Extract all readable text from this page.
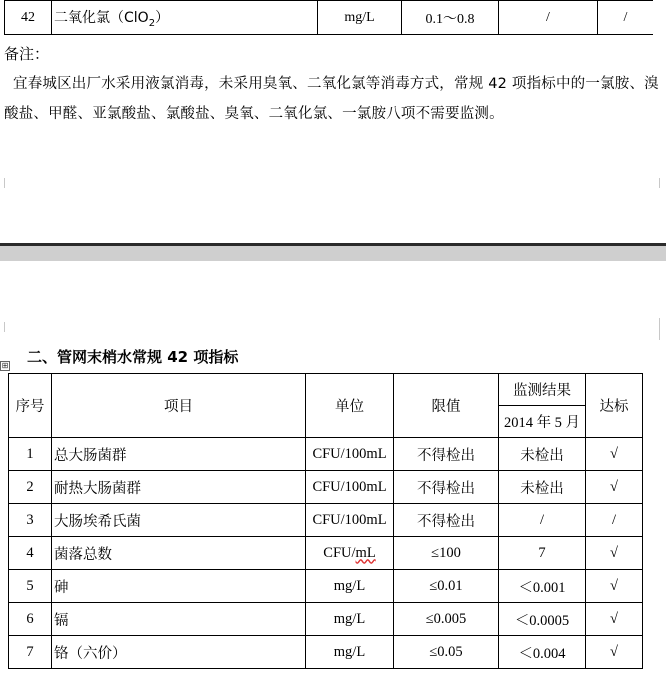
42	二氧化氯（ClO$_2$）	mg/L	0.1～0.8	/	/
备注：
宜春城区出厂水采用液氯消毒，未采用臭氧、二氧化氯等消毒方式，常规 42 项指标中的一氯胺、溴酸盐、甲醛、亚氯酸盐、氯酸盐、臭氧、二氧化氯、一氯胺八项不需要监测。
二、管网末梢水常规 42 项指标
⊞
序号	项目	单位	限值	监测结果	达标
				2014 年 5 月	
1	总大肠菌群	CFU/100mL	不得检出	未检出	√
2	耐热大肠菌群	CFU/100mL	不得检出	未检出	√
3	大肠埃希氏菌	CFU/100mL	不得检出	/	/
4	菌落总数	CFU/mL	≤100	7	√
5	砷	mg/L	≤0.01	＜0.001	√
6	镉	mg/L	≤0.005	＜0.0005	√
7	铬（六价）	mg/L	≤0.05	＜0.004	√
